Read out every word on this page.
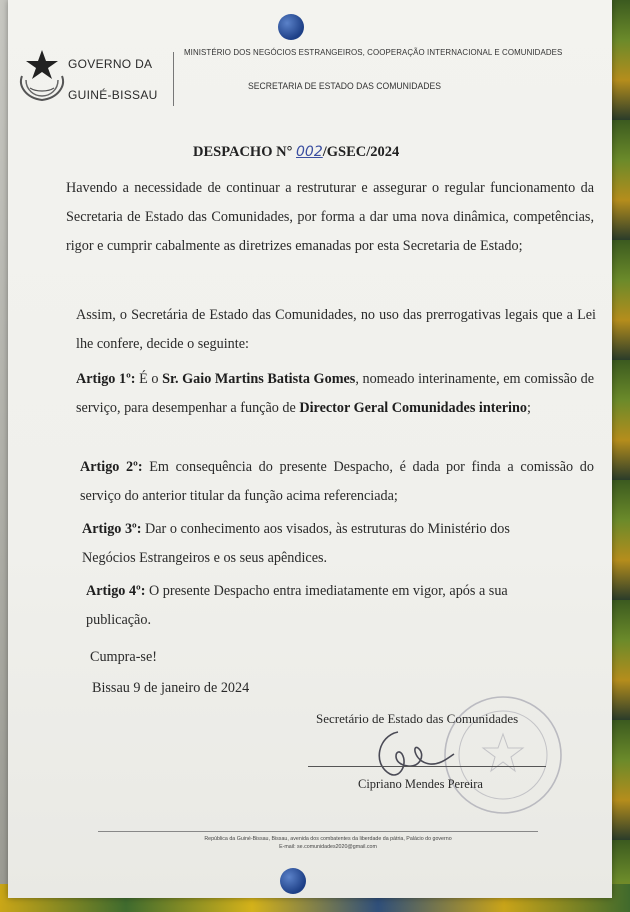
GOVERNO DA
GUINÉ-BISSAU
MINISTÉRIO DOS NEGÓCIOS ESTRANGEIROS, COOPERAÇÃO INTERNACIONAL E COMUNIDADES
SECRETARIA DE ESTADO DAS COMUNIDADES
DESPACHO N° 002/GSEC/2024
Havendo a necessidade de continuar a restruturar e assegurar o regular funcionamento da Secretaria de Estado das Comunidades, por forma a dar uma nova dinâmica, competências, rigor e cumprir cabalmente as diretrizes emanadas por esta Secretaria de Estado;
Assim, o Secretária de Estado das Comunidades, no uso das prerrogativas legais que a Lei lhe confere, decide o seguinte:
Artigo 1º: É o Sr. Gaio Martins Batista Gomes, nomeado interinamente, em comissão de serviço, para desempenhar a função de Director Geral Comunidades interino;
Artigo 2º: Em consequência do presente Despacho, é dada por finda a comissão do serviço do anterior titular da função acima referenciada;
Artigo 3º: Dar o conhecimento aos visados, às estruturas do Ministério dos Negócios Estrangeiros e os seus apêndices.
Artigo 4º: O presente Despacho entra imediatamente em vigor, após a sua publicação.
Cumpra-se!
Bissau 9 de janeiro de 2024
Secretário de Estado das Comunidades
Cipriano Mendes Pereira
República da Guiné-Bissau, Bissau, avenida dos combatentes da liberdade da pátria, Palácio do governo
E-mail: se.comunidades2020@gmail.com
